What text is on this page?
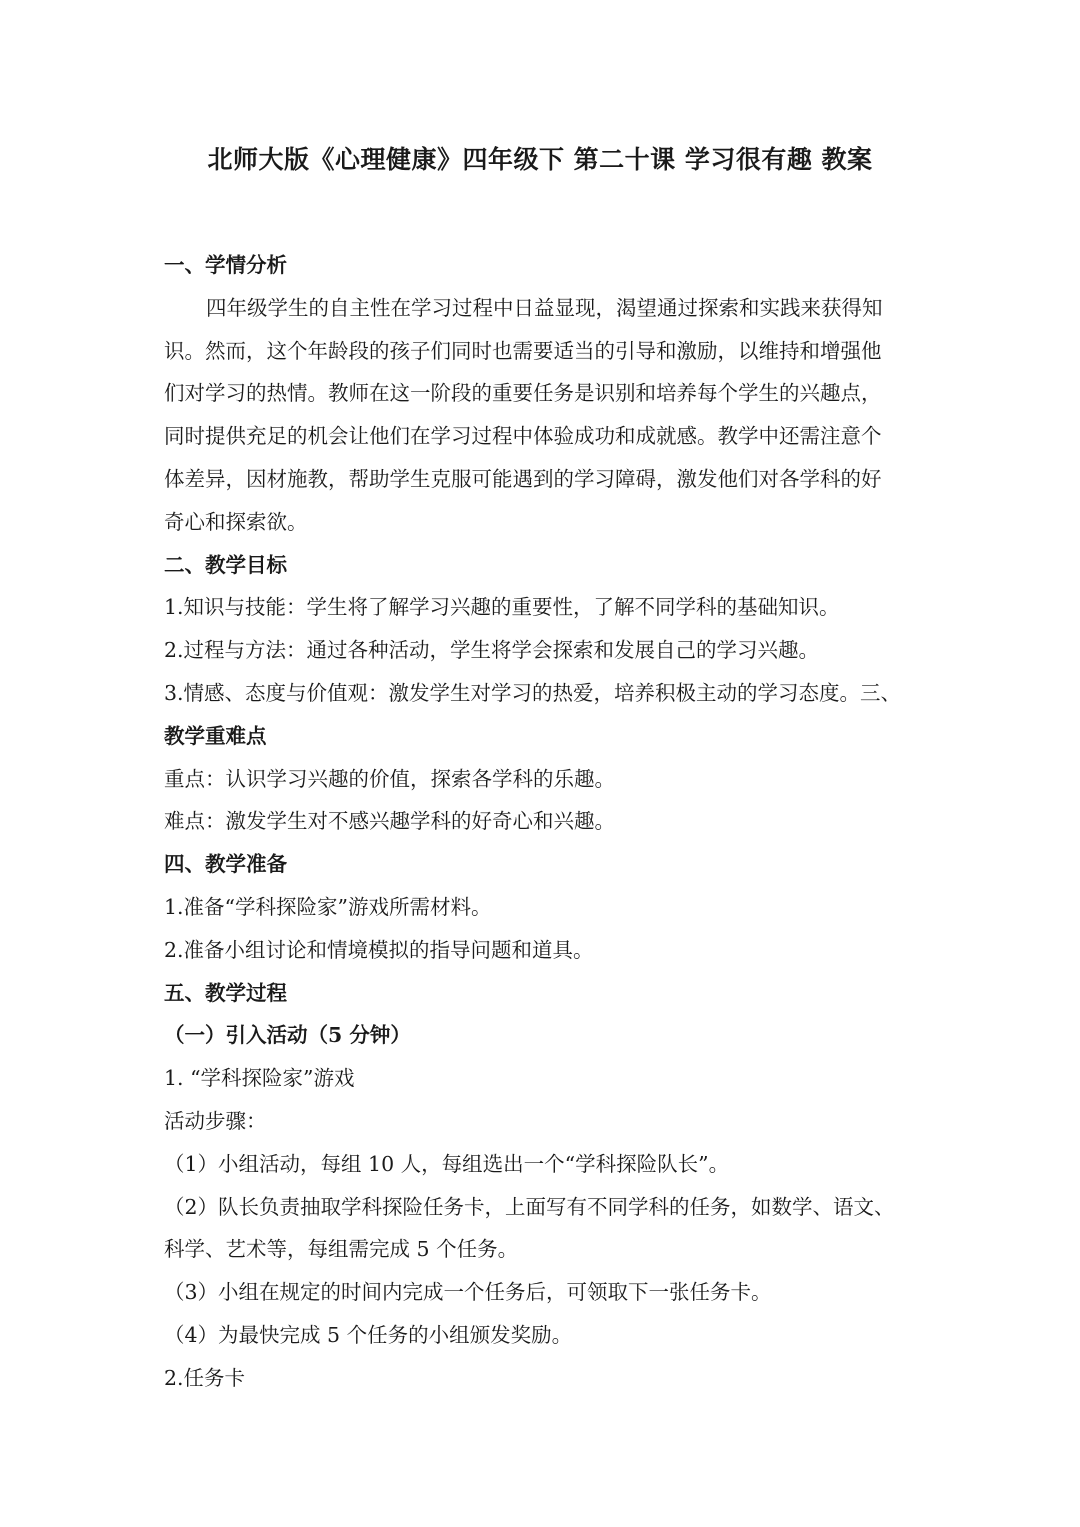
北师大版《心理健康》四年级下 第二十课 学习很有趣 教案
一、学情分析
四年级学生的自主性在学习过程中日益显现，渴望通过探索和实践来获得知
识。然而，这个年龄段的孩子们同时也需要适当的引导和激励，以维持和增强他
们对学习的热情。教师在这一阶段的重要任务是识别和培养每个学生的兴趣点，
同时提供充足的机会让他们在学习过程中体验成功和成就感。教学中还需注意个
体差异，因材施教，帮助学生克服可能遇到的学习障碍，激发他们对各学科的好
奇心和探索欲。
二、教学目标
1.知识与技能：学生将了解学习兴趣的重要性，了解不同学科的基础知识。
2.过程与方法：通过各种活动，学生将学会探索和发展自己的学习兴趣。
3.情感、态度与价值观：激发学生对学习的热爱，培养积极主动的学习态度。三、
教学重难点
重点：认识学习兴趣的价值，探索各学科的乐趣。
难点：激发学生对不感兴趣学科的好奇心和兴趣。
四、教学准备
1.准备“学科探险家”游戏所需材料。
2.准备小组讨论和情境模拟的指导问题和道具。
五、教学过程
（一）引入活动（5 分钟）
1. “学科探险家”游戏
活动步骤：
（1）小组活动，每组 10 人，每组选出一个“学科探险队长”。
（2）队长负责抽取学科探险任务卡，上面写有不同学科的任务，如数学、语文、
科学、艺术等，每组需完成 5 个任务。
（3）小组在规定的时间内完成一个任务后，可领取下一张任务卡。
（4）为最快完成 5 个任务的小组颁发奖励。
2.任务卡
